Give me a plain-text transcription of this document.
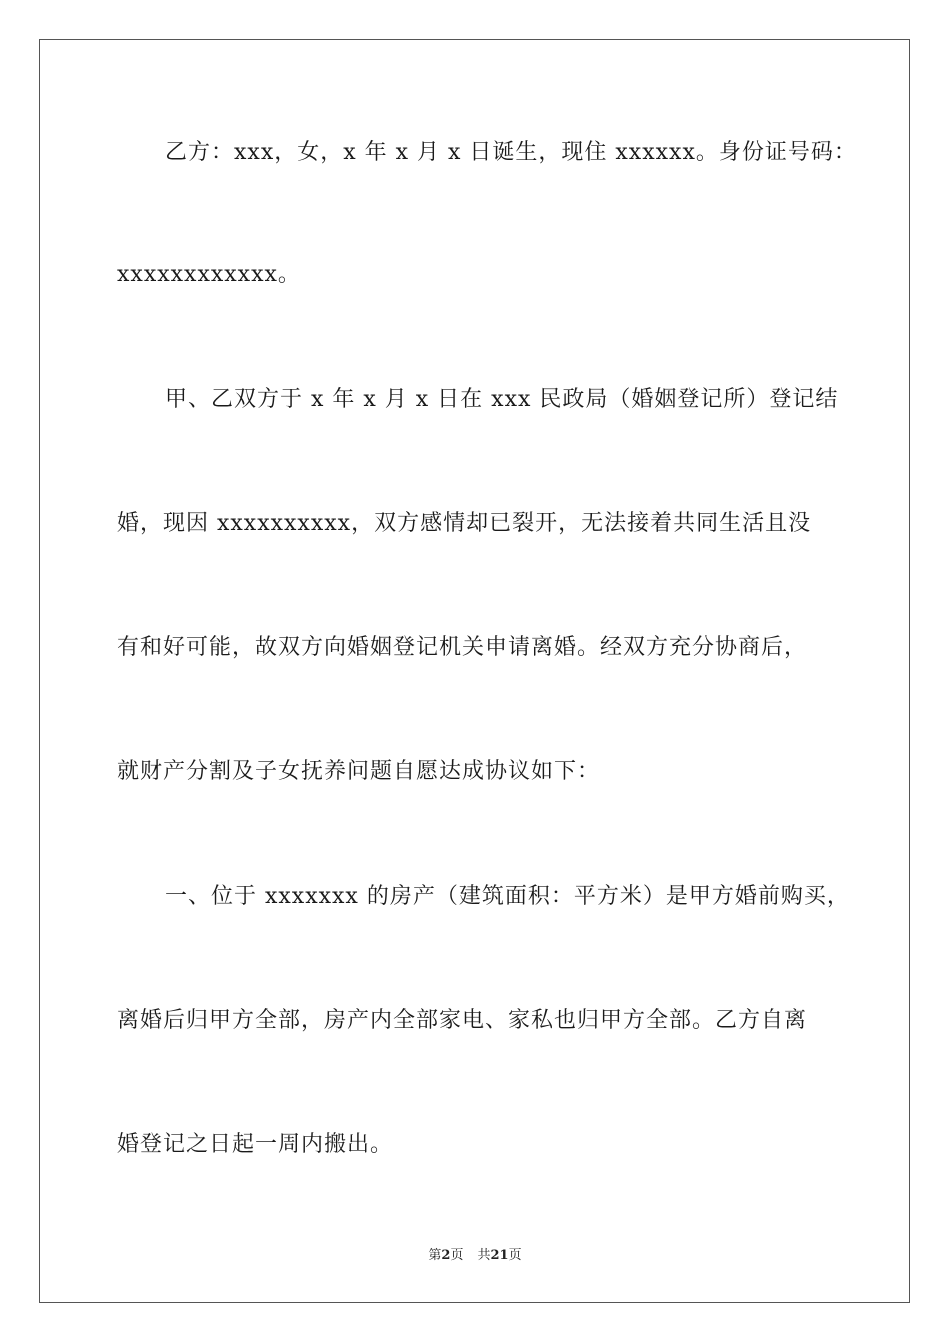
乙方：xxx，女，x 年 x 月 x 日诞生，现住 xxxxxx。身份证号码：
xxxxxxxxxxxx。
甲、乙双方于 x 年 x 月 x 日在 xxx 民政局（婚姻登记所）登记结
婚，现因 xxxxxxxxxx，双方感情却已裂开，无法接着共同生活且没
有和好可能，故双方向婚姻登记机关申请离婚。经双方充分协商后，
就财产分割及子女抚养问题自愿达成协议如下：
一、位于 xxxxxxx 的房产（建筑面积：平方米）是甲方婚前购买，
离婚后归甲方全部，房产内全部家电、家私也归甲方全部。乙方自离
婚登记之日起一周内搬出。
第2页 共21页
